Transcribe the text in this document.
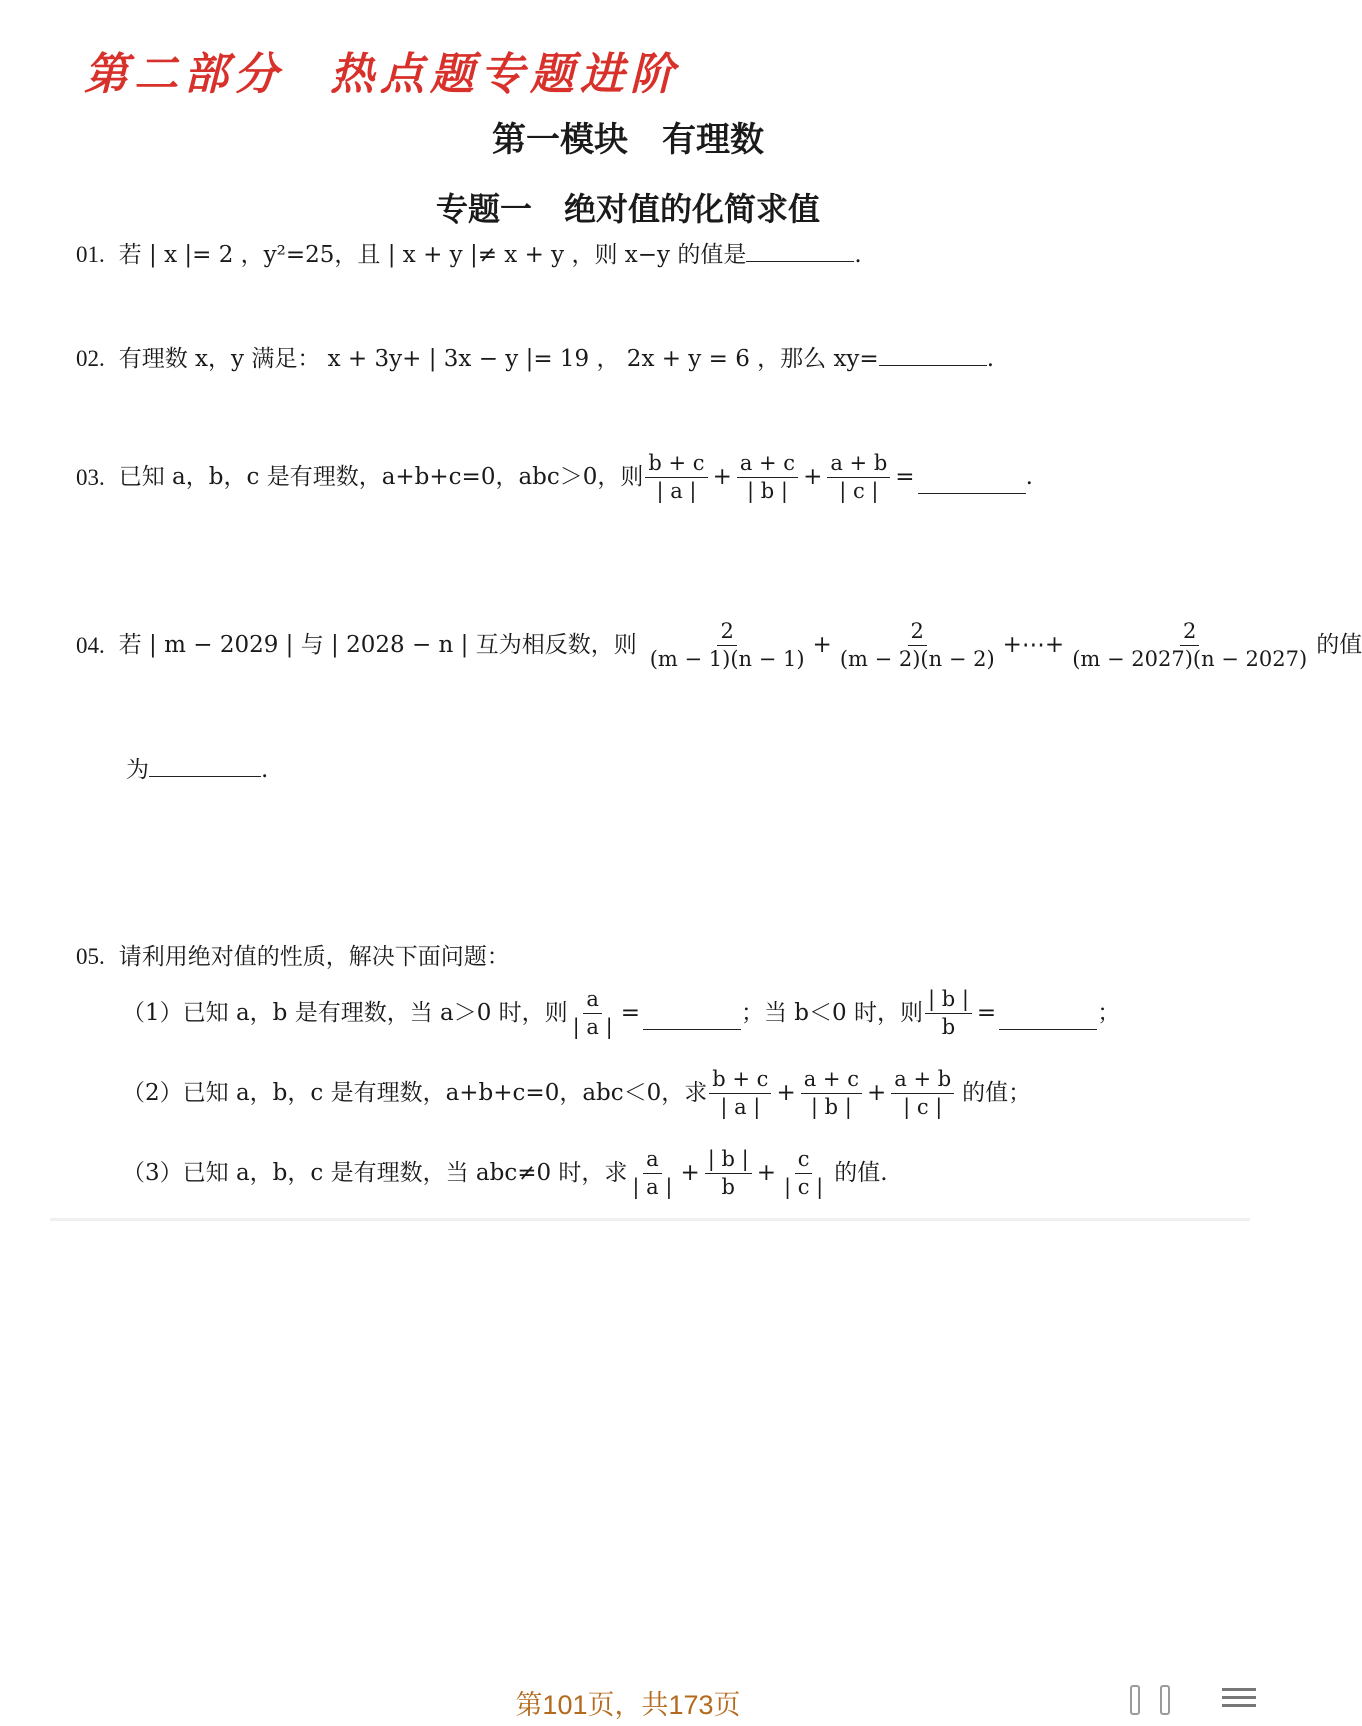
第二部分 热点题专题进阶
第一模块　有理数
专题一　绝对值的化简求值
01. 若 | x |= 2 ，y²=25，且 | x + y |≠ x + y ，则 x−y 的值是	.
02. 有理数 x，y 满足： x + 3y+ | 3x − y |= 19 ， 2x + y = 6 ，那么 xy=	.
03. 已知 a，b，c 是有理数，a+b+c=0，abc＞0，则 $\frac{b + c}{| a |} + \frac{a + c}{| b |} + \frac{a + b}{| c |}$ =	.
04. 若 | m − 2029 | 与 | 2028 − n | 互为相反数，则 $\frac{2}{(m - 1)(n - 1)} + \frac{2}{(m - 2)(n - 2)}$ +⋯+ $\frac{2}{(m - 2027)(n - 2027)}$ 的值
为	.
05. 请利用绝对值的性质，解决下面问题：
（1）已知 a，b 是有理数，当 a＞0 时，则 $\frac{a}{| a |}$ =	；当 b＜0 时，则 $\frac{| b |}{b}$ =	；
（2）已知 a，b，c 是有理数，a+b+c=0，abc＜0，求 $\frac{b + c}{| a |} + \frac{a + c}{| b |} + \frac{a + b}{| c |}$ 的值；
（3）已知 a，b，c 是有理数，当 abc≠0 时，求 $\frac{a}{| a |} + \frac{| b |}{b} + \frac{c}{| c |}$ 的值.
第101页，共173页
